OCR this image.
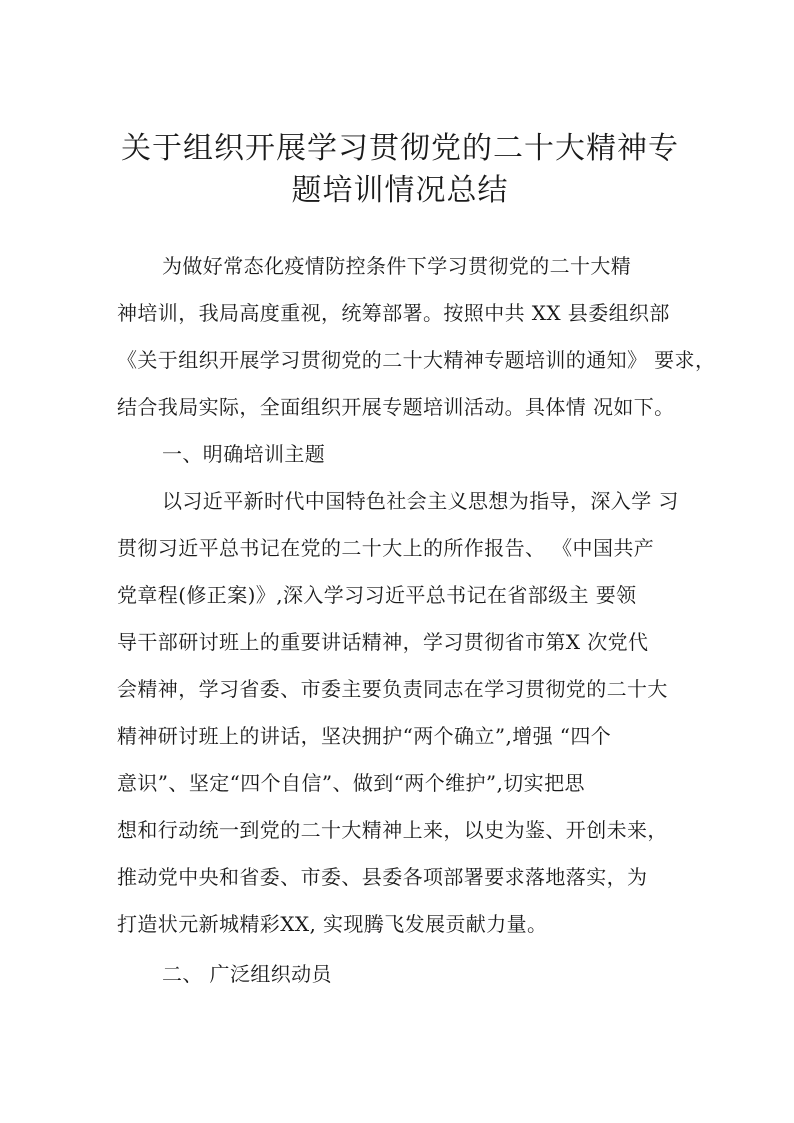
关于组织开展学习贯彻党的二十大精神专
题培训情况总结
为做好常态化疫情防控条件下学习贯彻党的二十大精
神培训，我局高度重视，统筹部署。按照中共 XX 县委组织部
《关于组织开展学习贯彻党的二十大精神专题培训的通知》 要求，
结合我局实际，全面组织开展专题培训活动。具体情 况如下。
一、明确培训主题
以习近平新时代中国特色社会主义思想为指导，深入学 习
贯彻习近平总书记在党的二十大上的所作报告、 《中国共产
党章程(修正案)》,深入学习习近平总书记在省部级主 要领
导干部研讨班上的重要讲话精神，学习贯彻省市第X 次党代
会精神，学习省委、市委主要负责同志在学习贯彻党的二十大
精神研讨班上的讲话，坚决拥护“两个确立”,增强 “四个
意识”、坚定“四个自信”、做到“两个维护”,切实把思
想和行动统一到党的二十大精神上来，以史为鉴、开创未来，
推动党中央和省委、市委、县委各项部署要求落地落实，为
打造状元新城精彩XX, 实现腾飞发展贡献力量。
二、 广泛组织动员
